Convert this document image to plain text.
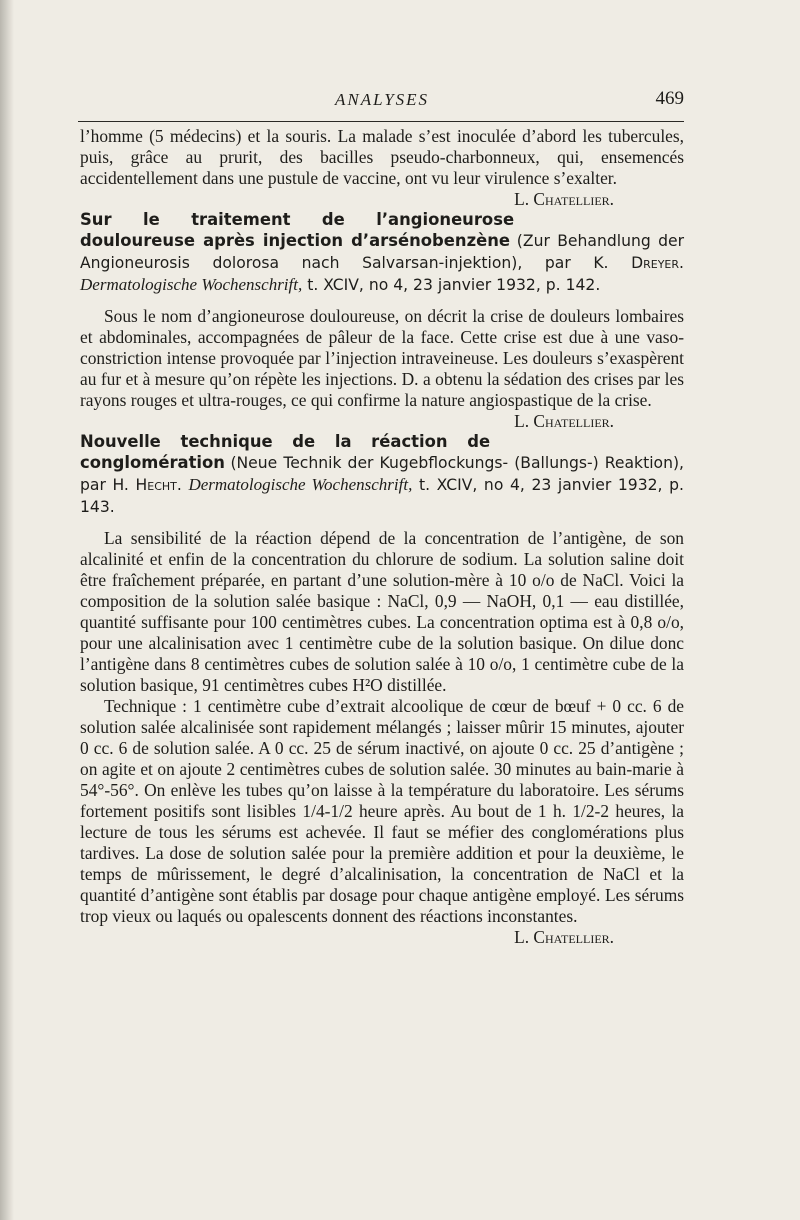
ANALYSES	469

l’homme (5 médecins) et la souris. La malade s’est inoculée d’abord les tubercules, puis, grâce au prurit, des bacilles pseudo-charbonneux, qui, ensemencés accidentellement dans une pustule de vaccine, ont vu leur virulence s’exalter.
L. Chatellier.

Sur le traitement de l’angioneurose douloureuse après injection d’arsénobenzène (Zur Behandlung der Angioneurosis dolorosa nach Salvarsan-injektion), par K. Dreyer. Dermatologische Wochenschrift, t. XCIV, no 4, 23 janvier 1932, p. 142.

Sous le nom d’angioneurose douloureuse, on décrit la crise de douleurs lombaires et abdominales, accompagnées de pâleur de la face. Cette crise est due à une vaso-constriction intense provoquée par l’injection intraveineuse. Les douleurs s’exaspèrent au fur et à mesure qu’on répète les injections. D. a obtenu la sédation des crises par les rayons rouges et ultra-rouges, ce qui confirme la nature angiospastique de la crise.
L. Chatellier.

Nouvelle technique de la réaction de conglomération (Neue Technik der Kugebflockungs- (Ballungs-) Reaktion), par H. Hecht. Dermatologische Wochenschrift, t. XCIV, no 4, 23 janvier 1932, p. 143.

La sensibilité de la réaction dépend de la concentration de l’antigène, de son alcalinité et enfin de la concentration du chlorure de sodium. La solution saline doit être fraîchement préparée, en partant d’une solution-mère à 10 o/o de NaCl. Voici la composition de la solution salée basique : NaCl, 0,9 — NaOH, 0,1 — eau distillée, quantité suffisante pour 100 centimètres cubes. La concentration optima est à 0,8 o/o, pour une alcalinisation avec 1 centimètre cube de la solution basique. On dilue donc l’antigène dans 8 centimètres cubes de solution salée à 10 o/o, 1 centimètre cube de la solution basique, 91 centimètres cubes H²O distillée.

Technique : 1 centimètre cube d’extrait alcoolique de cœur de bœuf + 0 cc. 6 de solution salée alcalinisée sont rapidement mélangés ; laisser mûrir 15 minutes, ajouter 0 cc. 6 de solution salée. A 0 cc. 25 de sérum inactivé, on ajoute 0 cc. 25 d’antigène ; on agite et on ajoute 2 centimètres cubes de solution salée. 30 minutes au bain-marie à 54°-56°. On enlève les tubes qu’on laisse à la température du laboratoire. Les sérums fortement positifs sont lisibles 1/4-1/2 heure après. Au bout de 1 h. 1/2-2 heures, la lecture de tous les sérums est achevée. Il faut se méfier des conglomérations plus tardives. La dose de solution salée pour la première addition et pour la deuxième, le temps de mûrissement, le degré d’alcalinisation, la concentration de NaCl et la quantité d’antigène sont établis par dosage pour chaque antigène employé. Les sérums trop vieux ou laqués ou opalescents donnent des réactions inconstantes.

L. Chatellier.
